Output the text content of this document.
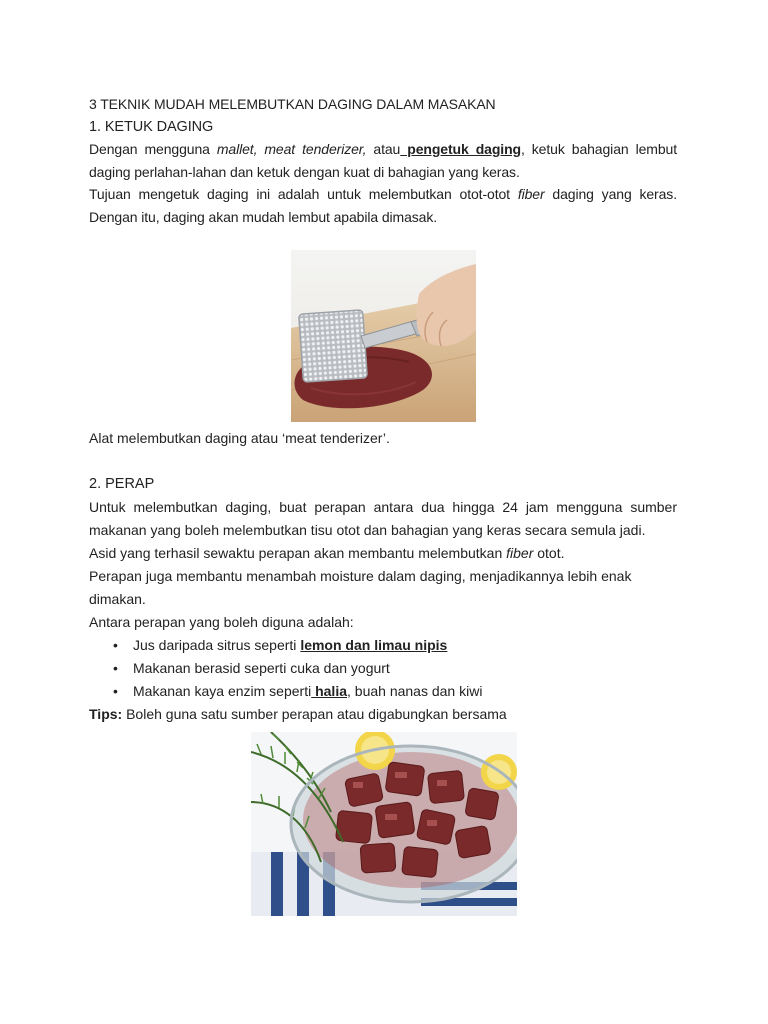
3 TEKNIK MUDAH MELEMBUTKAN DAGING DALAM MASAKAN

1. KETUK DAGING

Dengan mengguna mallet, meat tenderizer, atau pengetuk daging, ketuk bahagian lembut daging perlahan-lahan dan ketuk dengan kuat di bahagian yang keras.

Tujuan mengetuk daging ini adalah untuk melembutkan otot-otot fiber daging yang keras. Dengan itu, daging akan mudah lembut apabila dimasak.

Alat melembutkan daging atau ‘meat tenderizer’.

2. PERAP

Untuk melembutkan daging, buat perapan antara dua hingga 24 jam mengguna sumber makanan yang boleh melembutkan tisu otot dan bahagian yang keras secara semula jadi.

Asid yang terhasil sewaktu perapan akan membantu melembutkan fiber otot.

Perapan juga membantu menambah moisture dalam daging, menjadikannya lebih enak dimakan.

Antara perapan yang boleh diguna adalah:

• Jus daripada sitrus seperti lemon dan limau nipis
• Makanan berasid seperti cuka dan yogurt
• Makanan kaya enzim seperti halia, buah nanas dan kiwi

Tips: Boleh guna satu sumber perapan atau digabungkan bersama
